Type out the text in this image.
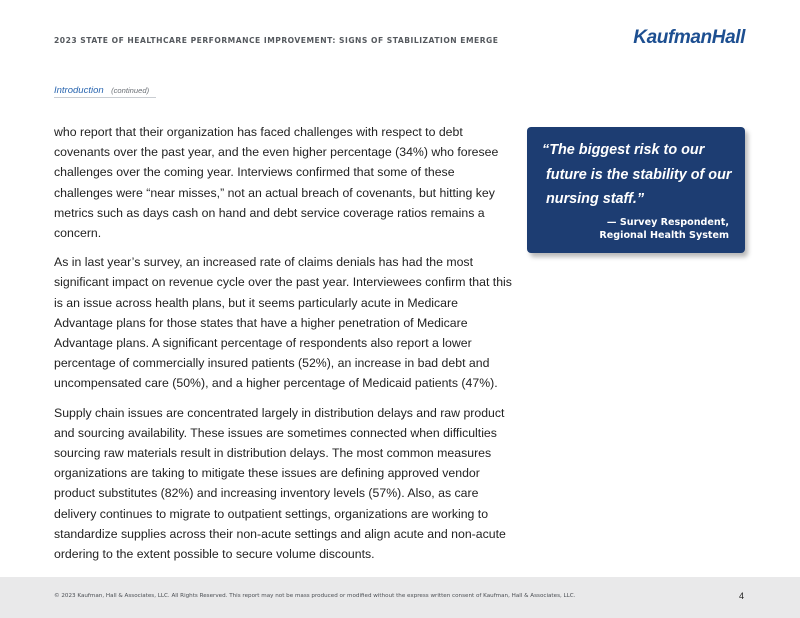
2023 STATE OF HEALTHCARE PERFORMANCE IMPROVEMENT: SIGNS OF STABILIZATION EMERGE	KaufmanHall
Introduction (continued)

who report that their organization has faced challenges with respect to debt covenants over the past year, and the even higher percentage (34%) who foresee challenges over the coming year. Interviews confirmed that some of these challenges were “near misses,” not an actual breach of covenants, but hitting key metrics such as days cash on hand and debt service coverage ratios remains a concern.

As in last year’s survey, an increased rate of claims denials has had the most significant impact on revenue cycle over the past year. Interviewees confirm that this is an issue across health plans, but it seems particularly acute in Medicare Advantage plans for those states that have a higher penetration of Medicare Advantage plans. A significant percentage of respondents also report a lower percentage of commercially insured patients (52%), an increase in bad debt and uncompensated care (50%), and a higher percentage of Medicaid patients (47%).

Supply chain issues are concentrated largely in distribution delays and raw product and sourcing availability. These issues are sometimes connected when difficulties sourcing raw materials result in distribution delays. The most common measures organizations are taking to mitigate these issues are defining approved vendor product substitutes (82%) and increasing inventory levels (57%). Also, as care delivery continues to migrate to outpatient settings, organizations are working to standardize supplies across their non-acute settings and align acute and non-acute ordering to the extent possible to secure volume discounts.

“The biggest risk to our
future is the stability of our
nursing staff.”
— Survey Respondent,
Regional Health System
© 2023 Kaufman, Hall & Associates, LLC. All Rights Reserved. This report may not be mass produced or modified without the express written consent of Kaufman, Hall & Associates, LLC.	4
